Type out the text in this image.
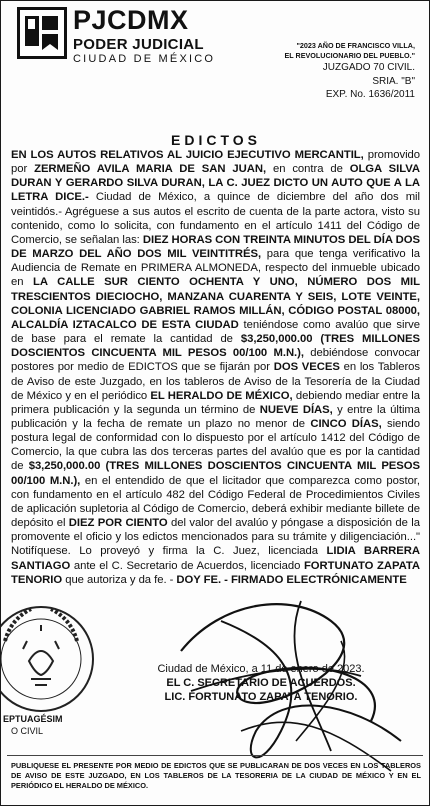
PJCDMX
PODER JUDICIAL
CIUDAD DE MÉXICO
"2023 AÑO DE FRANCISCO VILLA,
EL REVOLUCIONARIO DEL PUEBLO."
JUZGADO 70 CIVIL.
SRIA. "B"
EXP. No. 1636/2011
EDICTOS
EN LOS AUTOS RELATIVOS AL JUICIO EJECUTIVO MERCANTIL, promovido por ZERMEÑO AVILA MARIA DE SAN JUAN, en contra de OLGA SILVA DURAN Y GERARDO SILVA DURAN, LA C. JUEZ DICTO UN AUTO QUE A LA LETRA DICE.- Ciudad de México, a quince de diciembre del año dos mil veintidós.- Agréguese a sus autos el escrito de cuenta de la parte actora, visto su contenido, como lo solicita, con fundamento en el artículo 1411 del Código de Comercio, se señalan las: DIEZ HORAS CON TREINTA MINUTOS DEL DÍA DOS DE MARZO DEL AÑO DOS MIL VEINTITRÉS, para que tenga verificativo la Audiencia de Remate en PRIMERA ALMONEDA, respecto del inmueble ubicado en LA CALLE SUR CIENTO OCHENTA Y UNO, NÚMERO DOS MIL TRESCIENTOS DIECIOCHO, MANZANA CUARENTA Y SEIS, LOTE VEINTE, COLONIA LICENCIADO GABRIEL RAMOS MILLÁN, CÓDIGO POSTAL 08000, ALCALDÍA IZTACALCO DE ESTA CIUDAD teniéndose como avalúo que sirve de base para el remate la cantidad de $3,250,000.00 (TRES MILLONES DOSCIENTOS CINCUENTA MIL PESOS 00/100 M.N.), debiéndose convocar postores por medio de EDICTOS que se fijarán por DOS VECES en los Tableros de Aviso de este Juzgado, en los tableros de Aviso de la Tesorería de la Ciudad de México y en el periódico EL HERALDO DE MÉXICO, debiendo mediar entre la primera publicación y la segunda un término de NUEVE DÍAS, y entre la última publicación y la fecha de remate un plazo no menor de CINCO DÍAS, siendo postura legal de conformidad con lo dispuesto por el artículo 1412 del Código de Comercio, la que cubra las dos terceras partes del avalúo que es por la cantidad de $3,250,000.00 (TRES MILLONES DOSCIENTOS CINCUENTA MIL PESOS 00/100 M.N.), en el entendido de que el licitador que comparezca como postor, con fundamento en el artículo 482 del Código Federal de Procedimientos Civiles de aplicación supletoria al Código de Comercio, deberá exhibir mediante billete de depósito el DIEZ POR CIENTO del valor del avalúo y póngase a disposición de la promovente el oficio y los edictos mencionados para su trámite y diligenciación..." Notifíquese. Lo proveyó y firma la C. Juez, licenciada LIDIA BARRERA SANTIAGO ante el C. Secretario de Acuerdos, licenciado FORTUNATO ZAPATA TENORIO que autoriza y da fe. - DOY FE. - FIRMADO ELECTRÓNICAMENTE
EPTUAGÉSIM
O CIVIL
Ciudad de México, a 11 de enero de 2023.
EL C. SECRETARIO DE ACUERDOS.
LIC. FORTUNATO ZAPATA TENORIO.
PUBLIQUESE EL PRESENTE POR MEDIO DE EDICTOS QUE SE PUBLICARAN DE DOS VECES EN LOS TABLEROS DE AVISO DE ESTE JUZGADO, EN LOS TABLEROS DE LA TESORERIA DE LA CIUDAD DE MÉXICO Y EN EL PERIÓDICO EL HERALDO DE MÉXICO.
